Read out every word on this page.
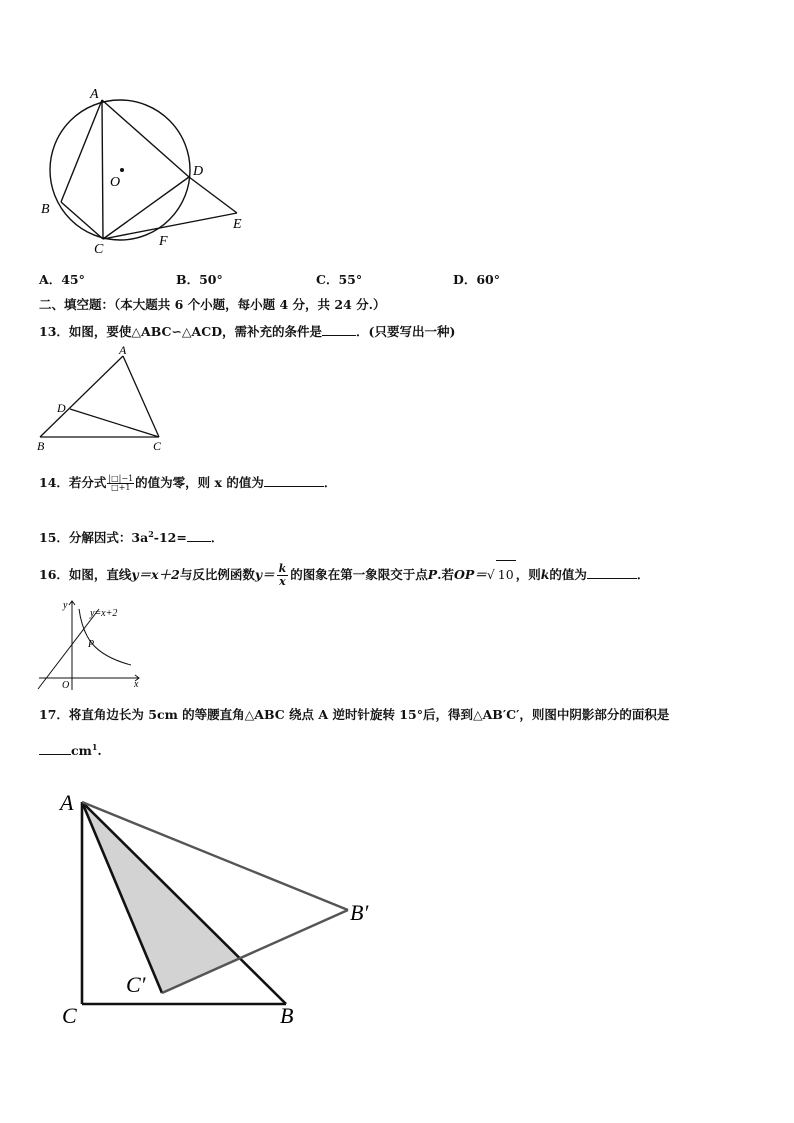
A
O
D
B
E
F
C
A．45°	B．50°	C．55°	D．60°
二、填空题：（本大题共 6 个小题，每小题 4 分，共 24 分.）
13．如图，要使△ABC∽△ACD，需补充的条件是	．(只要写出一种)
A
D
B	C
14．若分式 $\frac{|□|-1}{□+1}$ 的值为零，则 x 的值为	．
15．分解因式：$3a^2-12=$ ．
16．如图，直线y＝x＋2与反比例函数$y= \frac{k}{x}$ 的图象在第一象限交于点P.若OP＝√ 10 ，则k的值为	．
y
y=x+2
P
O	x
17．将直角边长为 5cm 的等腰直角△ABC 绕点 A 逆时针旋转 15°后，得到△AB′C′，则图中阴影部分的面积是
$cm^1$.
A
B′
C′
C	B
